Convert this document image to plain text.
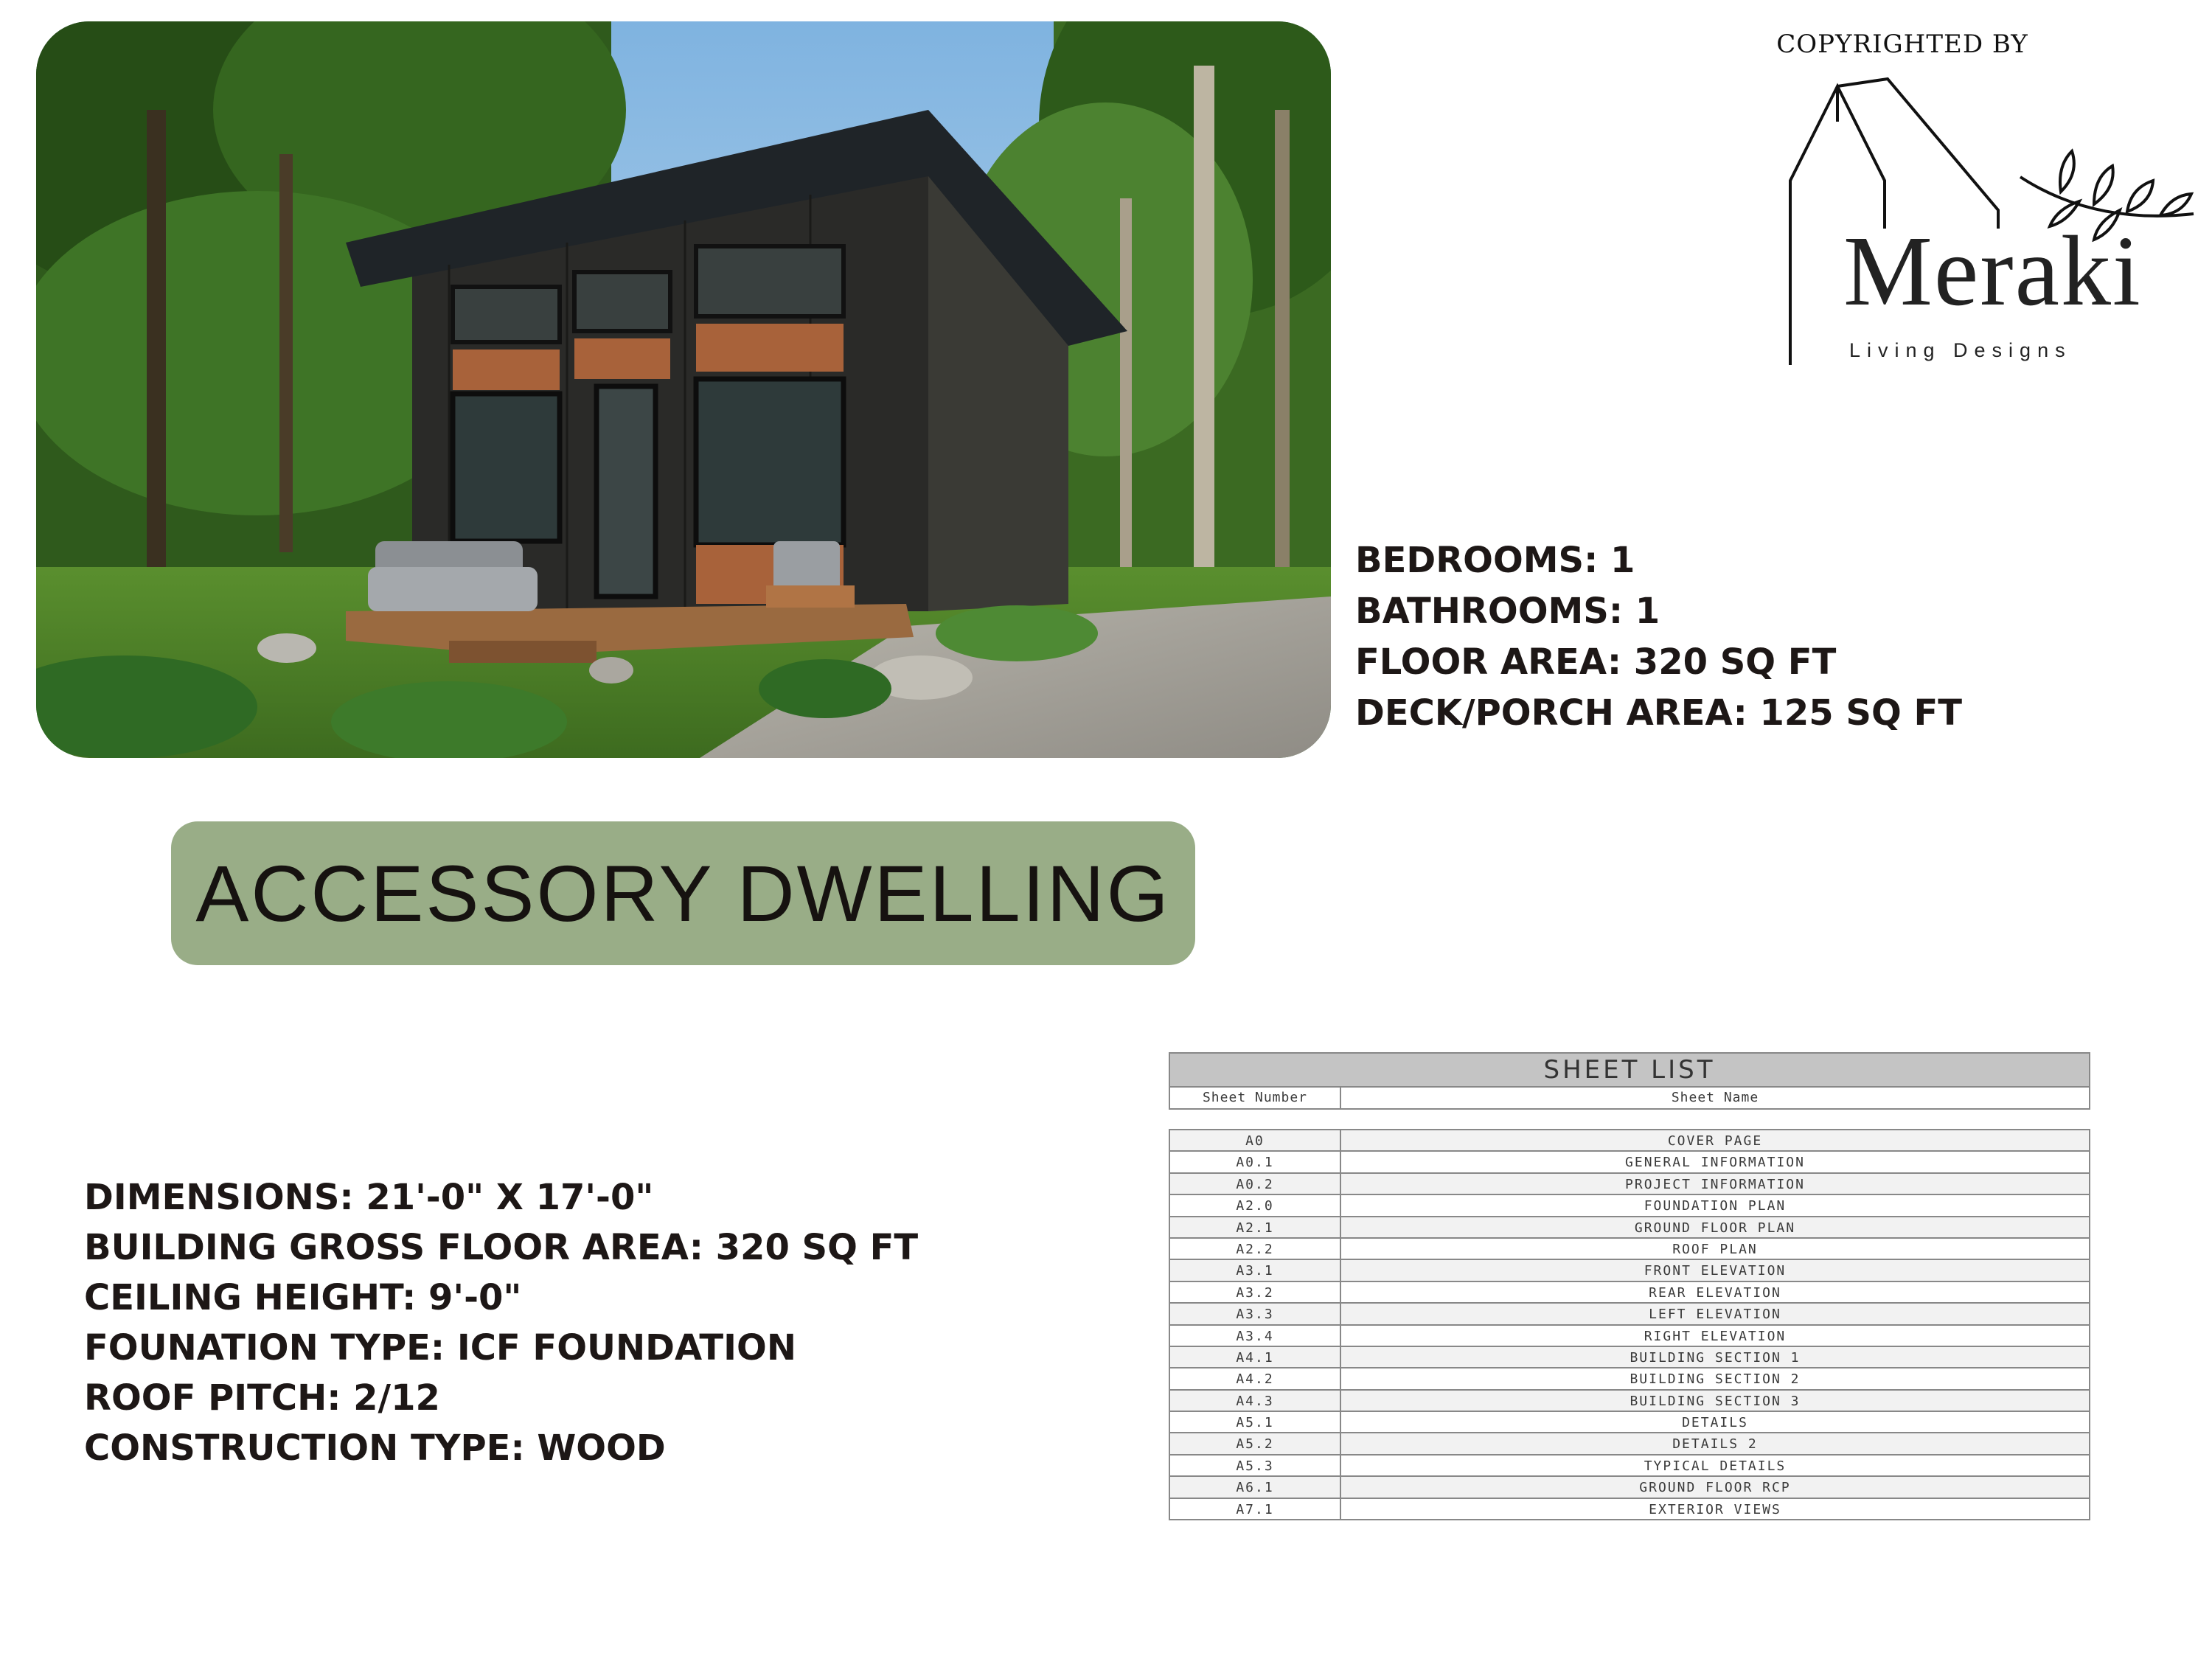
COPYRIGHTED BY
Meraki
Living Designs
BEDROOMS: 1
BATHROOMS: 1
FLOOR AREA: 320 SQ FT
DECK/PORCH AREA: 125 SQ FT
ACCESSORY DWELLING
DIMENSIONS: 21'-0" X 17'-0"
BUILDING GROSS FLOOR AREA: 320 SQ FT
CEILING HEIGHT: 9'-0"
FOUNATION TYPE: ICF FOUNDATION
ROOF PITCH: 2/12
CONSTRUCTION TYPE: WOOD
SHEET LIST
Sheet Number	Sheet Name
A0	COVER PAGE
A0.1	GENERAL INFORMATION
A0.2	PROJECT INFORMATION
A2.0	FOUNDATION PLAN
A2.1	GROUND FLOOR PLAN
A2.2	ROOF PLAN
A3.1	FRONT ELEVATION
A3.2	REAR ELEVATION
A3.3	LEFT ELEVATION
A3.4	RIGHT ELEVATION
A4.1	BUILDING SECTION 1
A4.2	BUILDING SECTION 2
A4.3	BUILDING SECTION 3
A5.1	DETAILS
A5.2	DETAILS 2
A5.3	TYPICAL DETAILS
A6.1	GROUND FLOOR RCP
A7.1	EXTERIOR VIEWS
